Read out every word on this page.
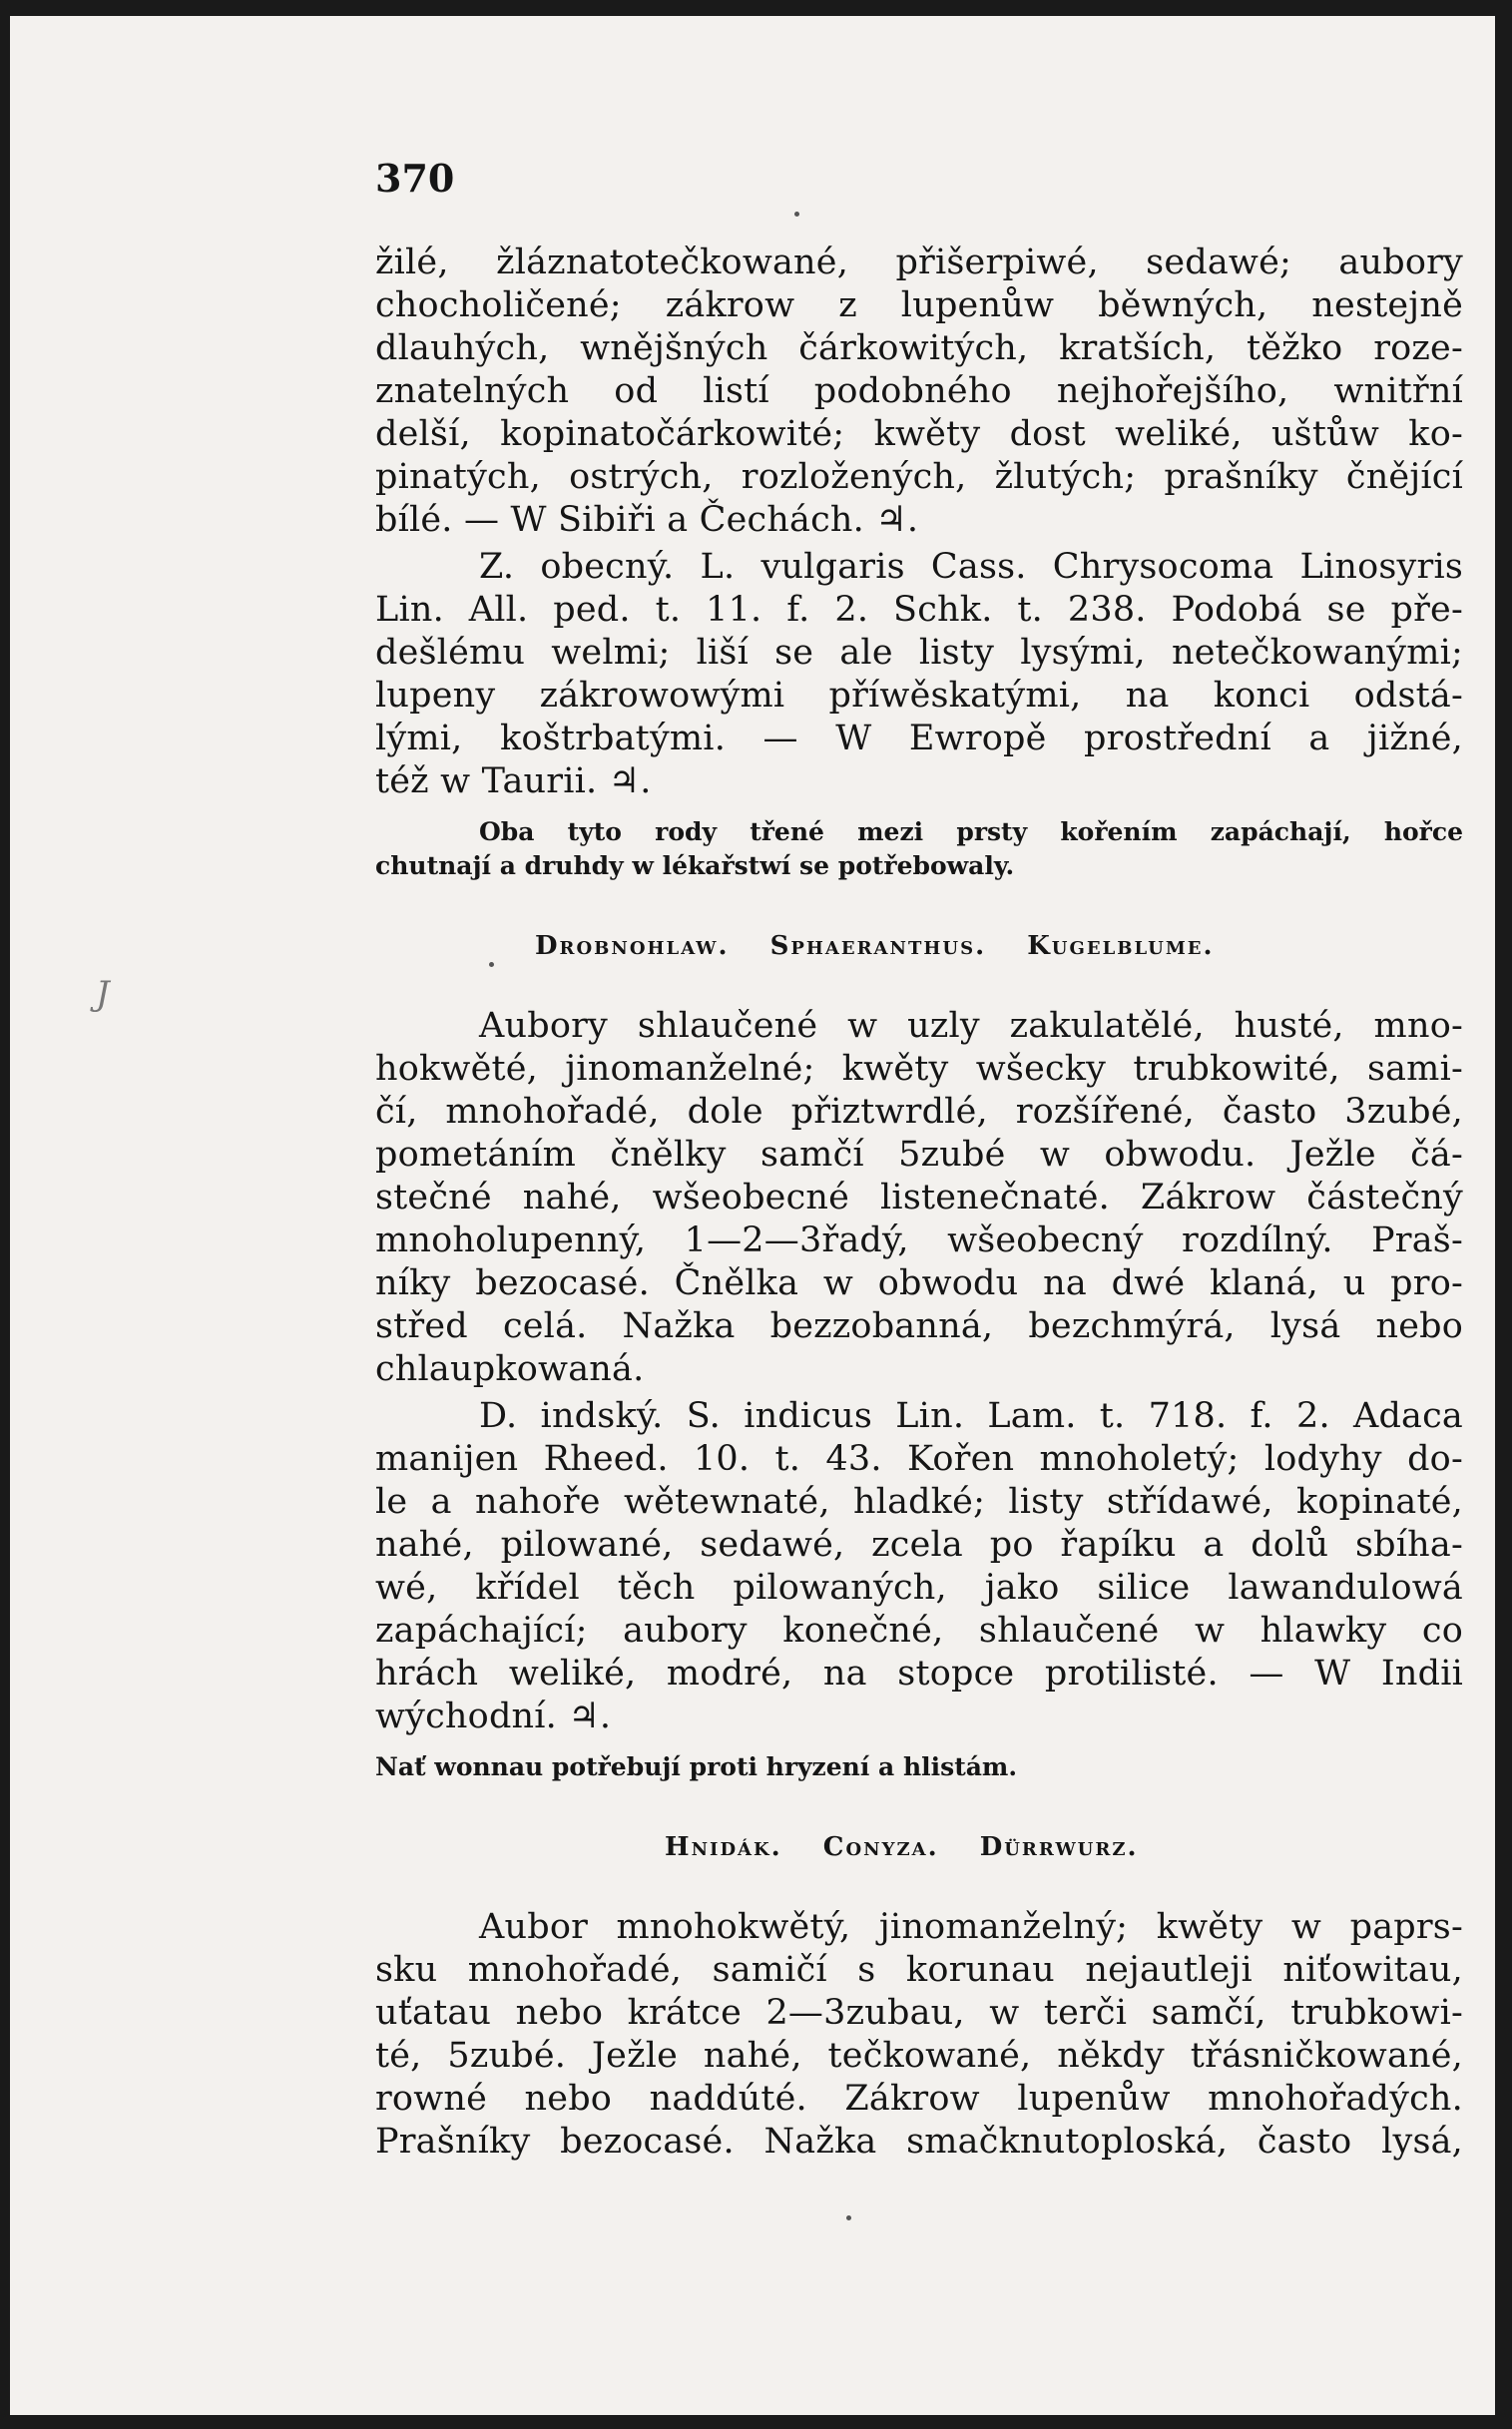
J
370

žilé, žláznatotečkowané, přišerpiwé, sedawé; aubory
chocholičené; zákrow z lupenůw běwných, nestejně
dlauhých, wnějšných čárkowitých, kratších, těžko roze-
znatelných od listí podobného nejhořejšího, wnitřní
delší, kopinatočárkowité; kwěty dost weliké, uštůw ko-
pinatých, ostrých, rozložených, žlutých; prašníky čnějící
bílé. — W Sibiři a Čechách. ♃.

Z. obecný. L. vulgaris Cass. Chrysocoma Linosyris
Lin. All. ped. t. 11. f. 2. Schk. t. 238. Podobá se pře-
dešlému welmi; liší se ale listy lysými, netečkowanými;
lupeny zákrowowými příwěskatými, na konci odstá-
lými, koštrbatými. — W Ewropě prostřední a jižné,
též w Taurii. ♃.

Oba tyto rody třené mezi prsty kořením zapáchají, hořce
chutnají a druhdy w lékařstwí se potřebowaly.

Drobnohlaw. Sphaeranthus. Kugelblume.

Aubory shlaučené w uzly zakulatělé, husté, mno-
hokwěté, jinomanželné; kwěty wšecky trubkowité, sami-
čí, mnohořadé, dole přiztwrdlé, rozšířené, často 3zubé,
pometáním čnělky samčí 5zubé w obwodu. Ježle čá-
stečné nahé, wšeobecné listenečnaté. Zákrow částečný
mnoholupenný, 1—2—3řadý, wšeobecný rozdílný. Praš-
níky bezocasé. Čnělka w obwodu na dwé klaná, u pro-
střed celá. Nažka bezzobanná, bezchmýrá, lysá nebo
chlaupkowaná.

D. indský. S. indicus Lin. Lam. t. 718. f. 2. Adaca
manijen Rheed. 10. t. 43. Kořen mnoholetý; lodyhy do-
le a nahoře wětewnaté, hladké; listy střídawé, kopinaté,
nahé, pilowané, sedawé, zcela po řapíku a dolů sbíha-
wé, křídel těch pilowaných, jako silice lawandulowá
zapáchající; aubory konečné, shlaučené w hlawky co
hrách weliké, modré, na stopce protilisté. — W Indii
wýchodní. ♃.

Nať wonnau potřebují proti hryzení a hlistám.

Hnidák. Conyza. Dürrwurz.

Aubor mnohokwětý, jinomanželný; kwěty w paprs-
sku mnohořadé, samičí s korunau nejautleji niťowitau,
uťatau nebo krátce 2—3zubau, w terči samčí, trubkowi-
té, 5zubé. Ježle nahé, tečkowané, někdy třásničkowané,
rowné nebo naddúté. Zákrow lupenůw mnohořadých.
Prašníky bezocasé. Nažka smačknutoploská, často lysá,
